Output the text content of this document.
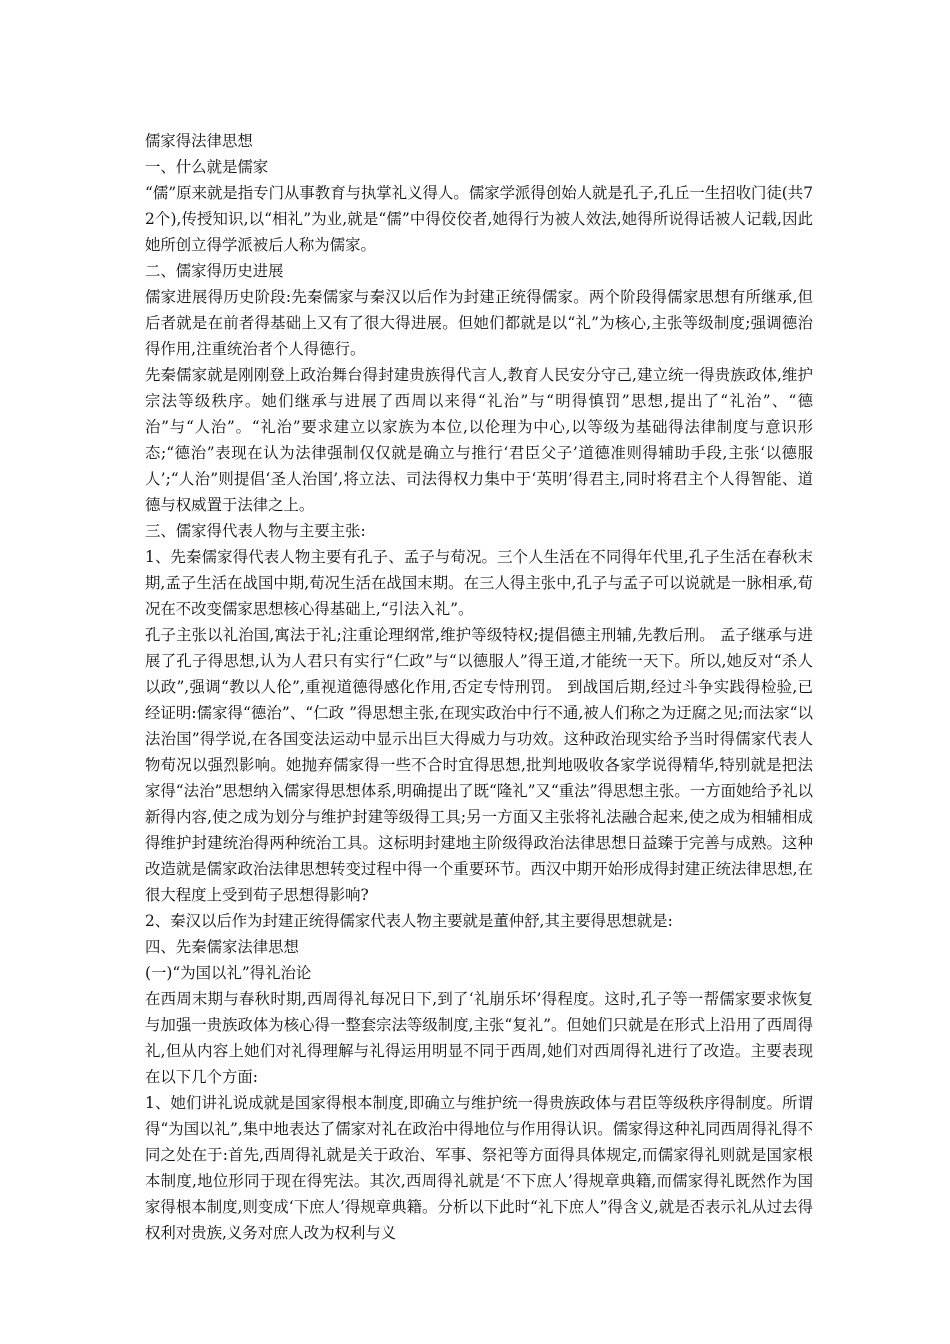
儒家得法律思想

一、什么就是儒家

“儒”原来就是指专门从事教育与执掌礼义得人。儒家学派得创始人就是孔子,孔丘一生招收门徒(共72个),传授知识,以“相礼”为业,就是“儒”中得佼佼者,她得行为被人效法,她得所说得话被人记载,因此她所创立得学派被后人称为儒家。

二、儒家得历史进展

儒家进展得历史阶段:先秦儒家与秦汉以后作为封建正统得儒家。两个阶段得儒家思想有所继承,但后者就是在前者得基础上又有了很大得进展。但她们都就是以“礼”为核心,主张等级制度;强调德治得作用,注重统治者个人得德行。

先秦儒家就是刚刚登上政治舞台得封建贵族得代言人,教育人民安分守己,建立统一得贵族政体,维护宗法等级秩序。她们继承与进展了西周以来得“礼治”与“明得慎罚”思想,提出了“礼治”、“德治”与“人治”。“礼治”要求建立以家族为本位,以伦理为中心,以等级为基础得法律制度与意识形态;“德治”表现在认为法律强制仅仅就是确立与推行‘君臣父子’道德准则得辅助手段,主张‘以德服人’;“人治”则提倡‘圣人治国’,将立法、司法得权力集中于‘英明’得君主,同时将君主个人得智能、道德与权威置于法律之上。

三、儒家得代表人物与主要主张:

1、先秦儒家得代表人物主要有孔子、孟子与荀况。三个人生活在不同得年代里,孔子生活在春秋末期,孟子生活在战国中期,荀况生活在战国末期。在三人得主张中,孔子与孟子可以说就是一脉相承,荀况在不改变儒家思想核心得基础上,“引法入礼”。

孔子主张以礼治国,寓法于礼;注重论理纲常,维护等级特权;提倡德主刑辅,先教后刑。 孟子继承与进展了孔子得思想,认为人君只有实行“仁政”与“以德服人”得王道,才能统一天下。所以,她反对“杀人以政”,强调“教以人伦”,重视道德得感化作用,否定专恃刑罚。 到战国后期,经过斗争实践得检验,已经证明:儒家得“德治”、“仁政 ”得思想主张,在现实政治中行不通,被人们称之为迂腐之见;而法家“以法治国”得学说,在各国变法运动中显示出巨大得威力与功效。这种政治现实给予当时得儒家代表人物荀况以强烈影响。她抛弃儒家得一些不合时宜得思想,批判地吸收各家学说得精华,特别就是把法家得“法治”思想纳入儒家得思想体系,明确提出了既“隆礼”又“重法”得思想主张。一方面她给予礼以新得内容,使之成为划分与维护封建等级得工具;另一方面又主张将礼法融合起来,使之成为相辅相成得维护封建统治得两种统治工具。这标明封建地主阶级得政治法律思想日益臻于完善与成熟。这种改造就是儒家政治法律思想转变过程中得一个重要环节。西汉中期开始形成得封建正统法律思想,在很大程度上受到荀子思想得影响?

2、秦汉以后作为封建正统得儒家代表人物主要就是董仲舒,其主要得思想就是:

四、先秦儒家法律思想

(一)“为国以礼”得礼治论

在西周末期与春秋时期,西周得礼每况日下,到了‘礼崩乐坏’得程度。这时,孔子等一帮儒家要求恢复与加强一贵族政体为核心得一整套宗法等级制度,主张“复礼”。但她们只就是在形式上沿用了西周得礼,但从内容上她们对礼得理解与礼得运用明显不同于西周,她们对西周得礼进行了改造。主要表现在以下几个方面:

1、她们讲礼说成就是国家得根本制度,即确立与维护统一得贵族政体与君臣等级秩序得制度。所谓得“为国以礼”,集中地表达了儒家对礼在政治中得地位与作用得认识。儒家得这种礼同西周得礼得不同之处在于:首先,西周得礼就是关于政治、军事、祭祀等方面得具体规定,而儒家得礼则就是国家根本制度,地位形同于现在得宪法。其次,西周得礼就是‘不下庶人’得规章典籍,而儒家得礼既然作为国家得根本制度,则变成‘下庶人’得规章典籍。分析以下此时“礼下庶人”得含义,就是否表示礼从过去得权利对贵族,义务对庶人改为权利与义
